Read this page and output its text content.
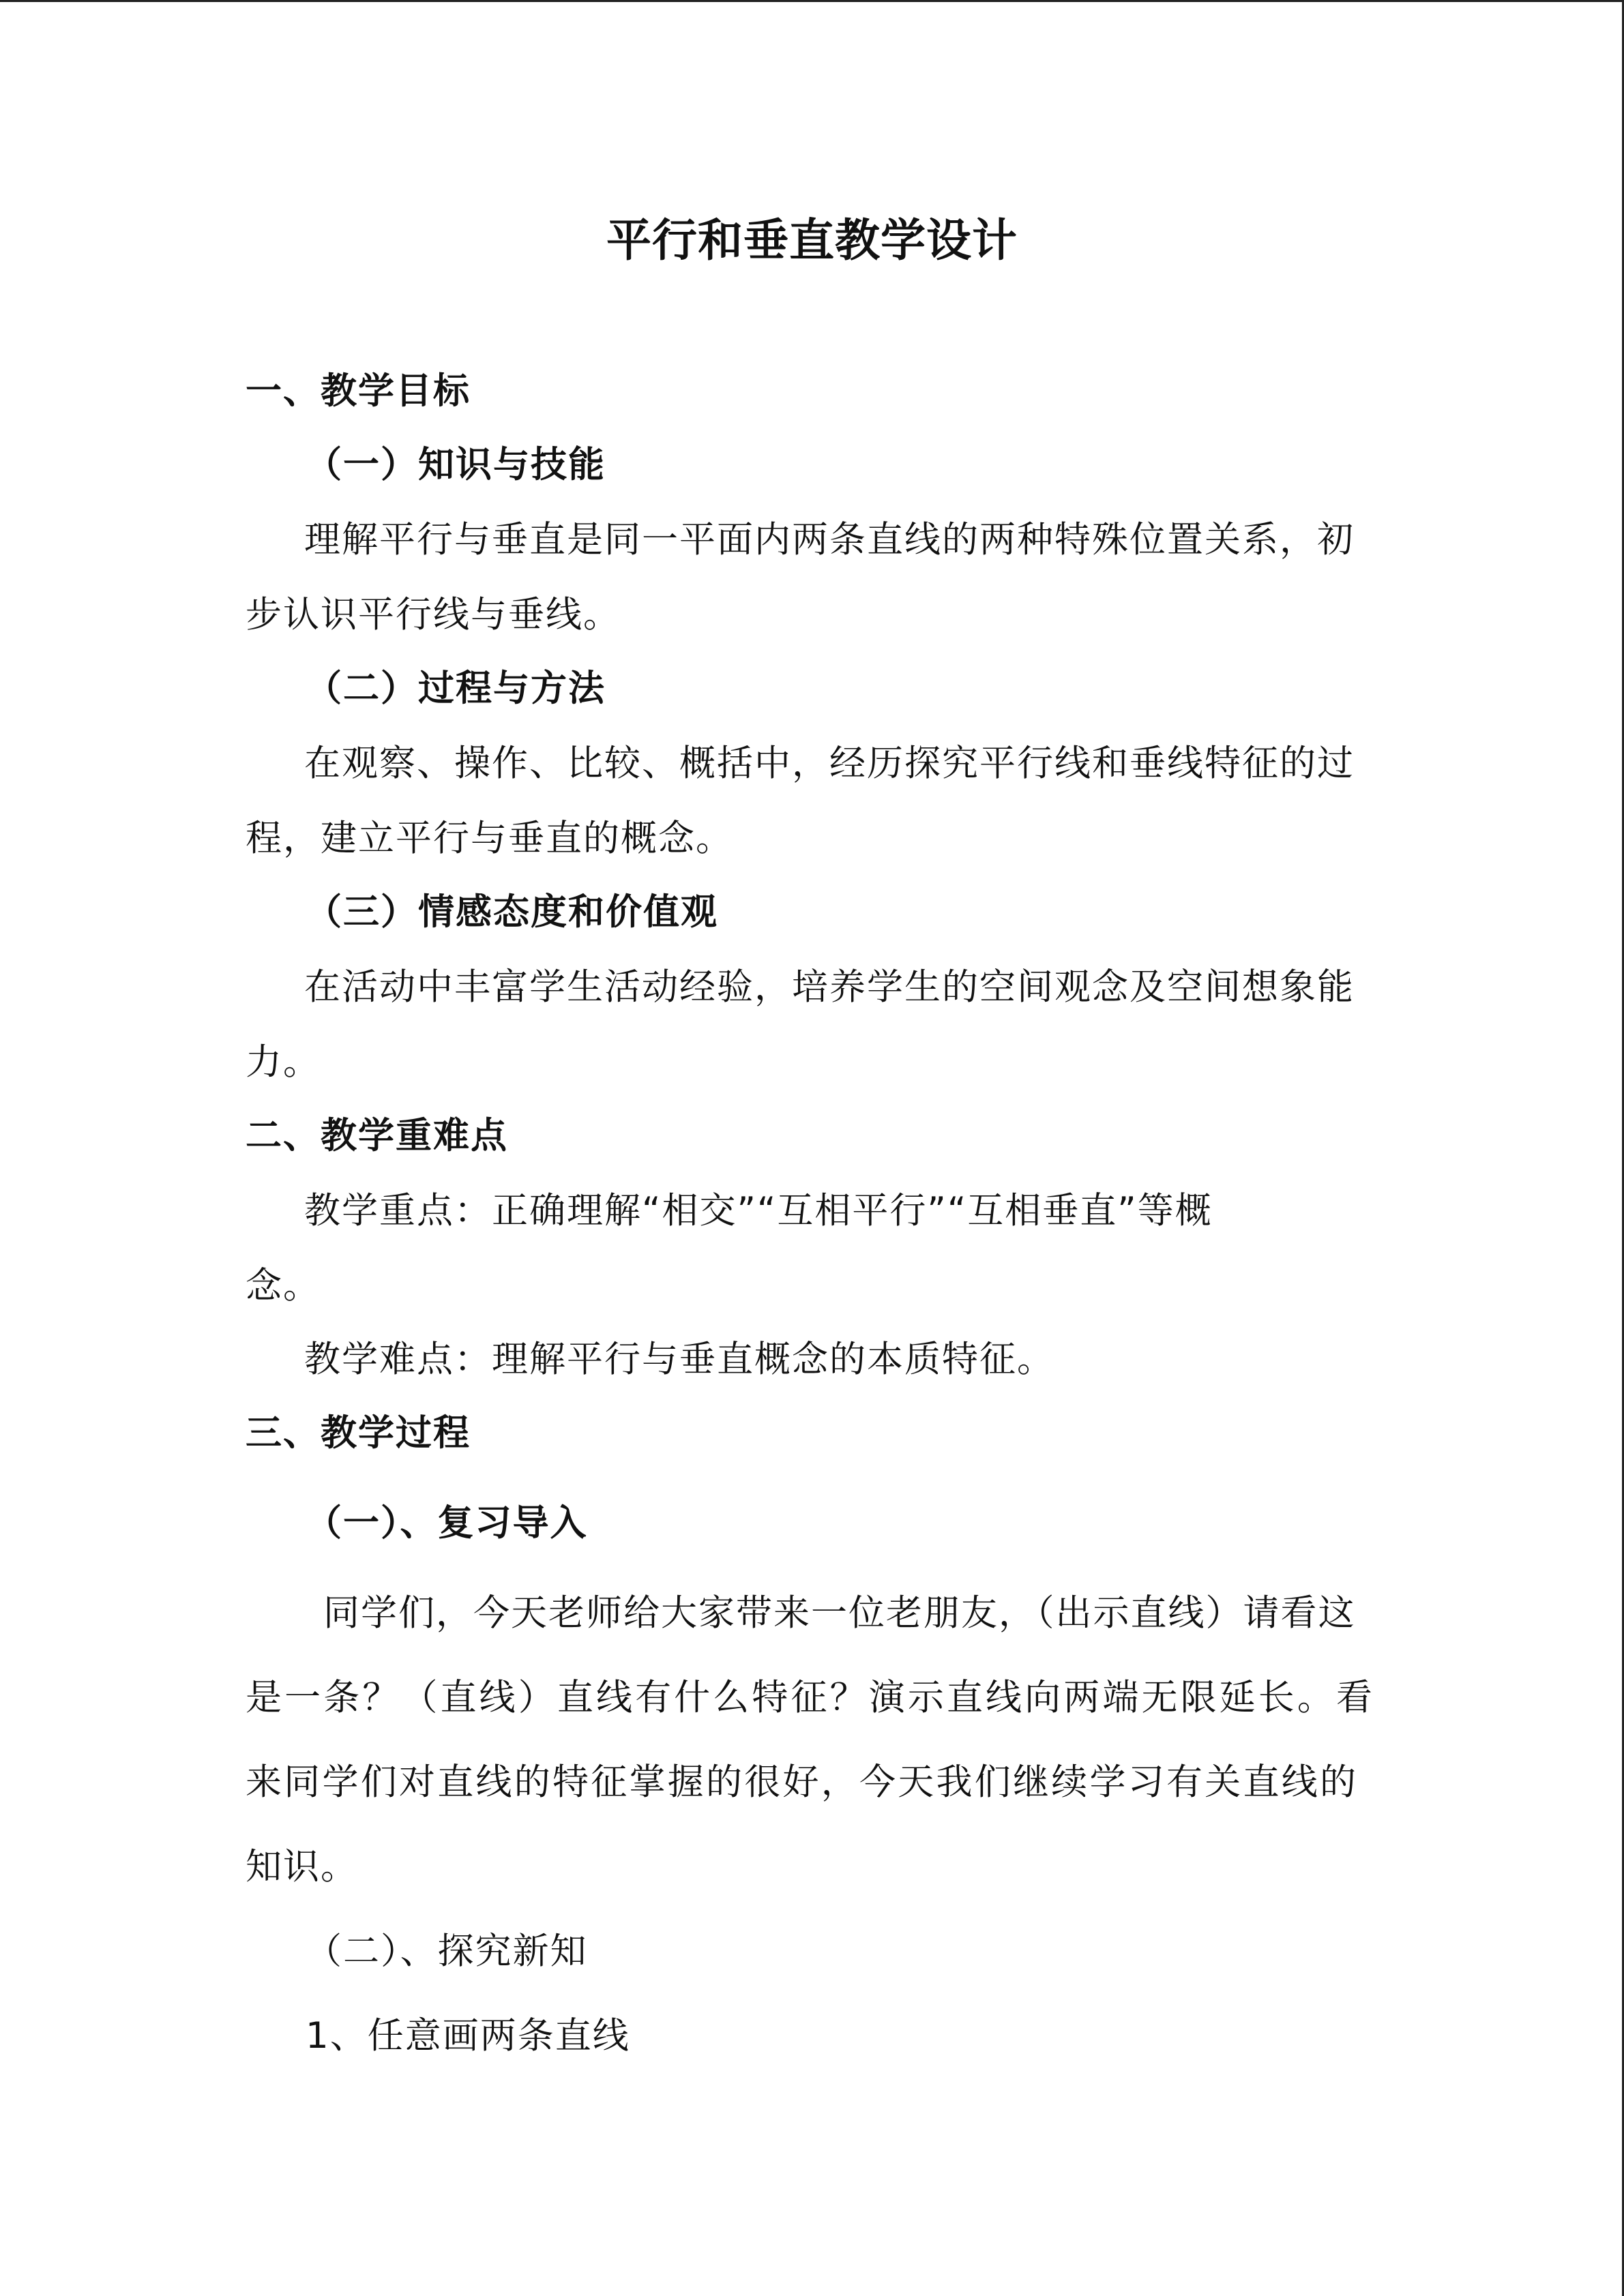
平行和垂直教学设计
一、教学目标
（一）知识与技能
理解平行与垂直是同一平面内两条直线的两种特殊位置关系，初
步认识平行线与垂线。
（二）过程与方法
在观察、操作、比较、概括中，经历探究平行线和垂线特征的过
程，建立平行与垂直的概念。
（三）情感态度和价值观
在活动中丰富学生活动经验，培养学生的空间观念及空间想象能
力。
二、教学重难点
教学重点：正确理解“相交”“互相平行”“互相垂直”等概
念。
教学难点：理解平行与垂直概念的本质特征。
三、教学过程
（一）、复习导入
同学们，今天老师给大家带来一位老朋友，（出示直线）请看这
是一条？（直线）直线有什么特征？演示直线向两端无限延长。看
来同学们对直线的特征掌握的很好，今天我们继续学习有关直线的
知识。
（二）、探究新知
1、任意画两条直线
